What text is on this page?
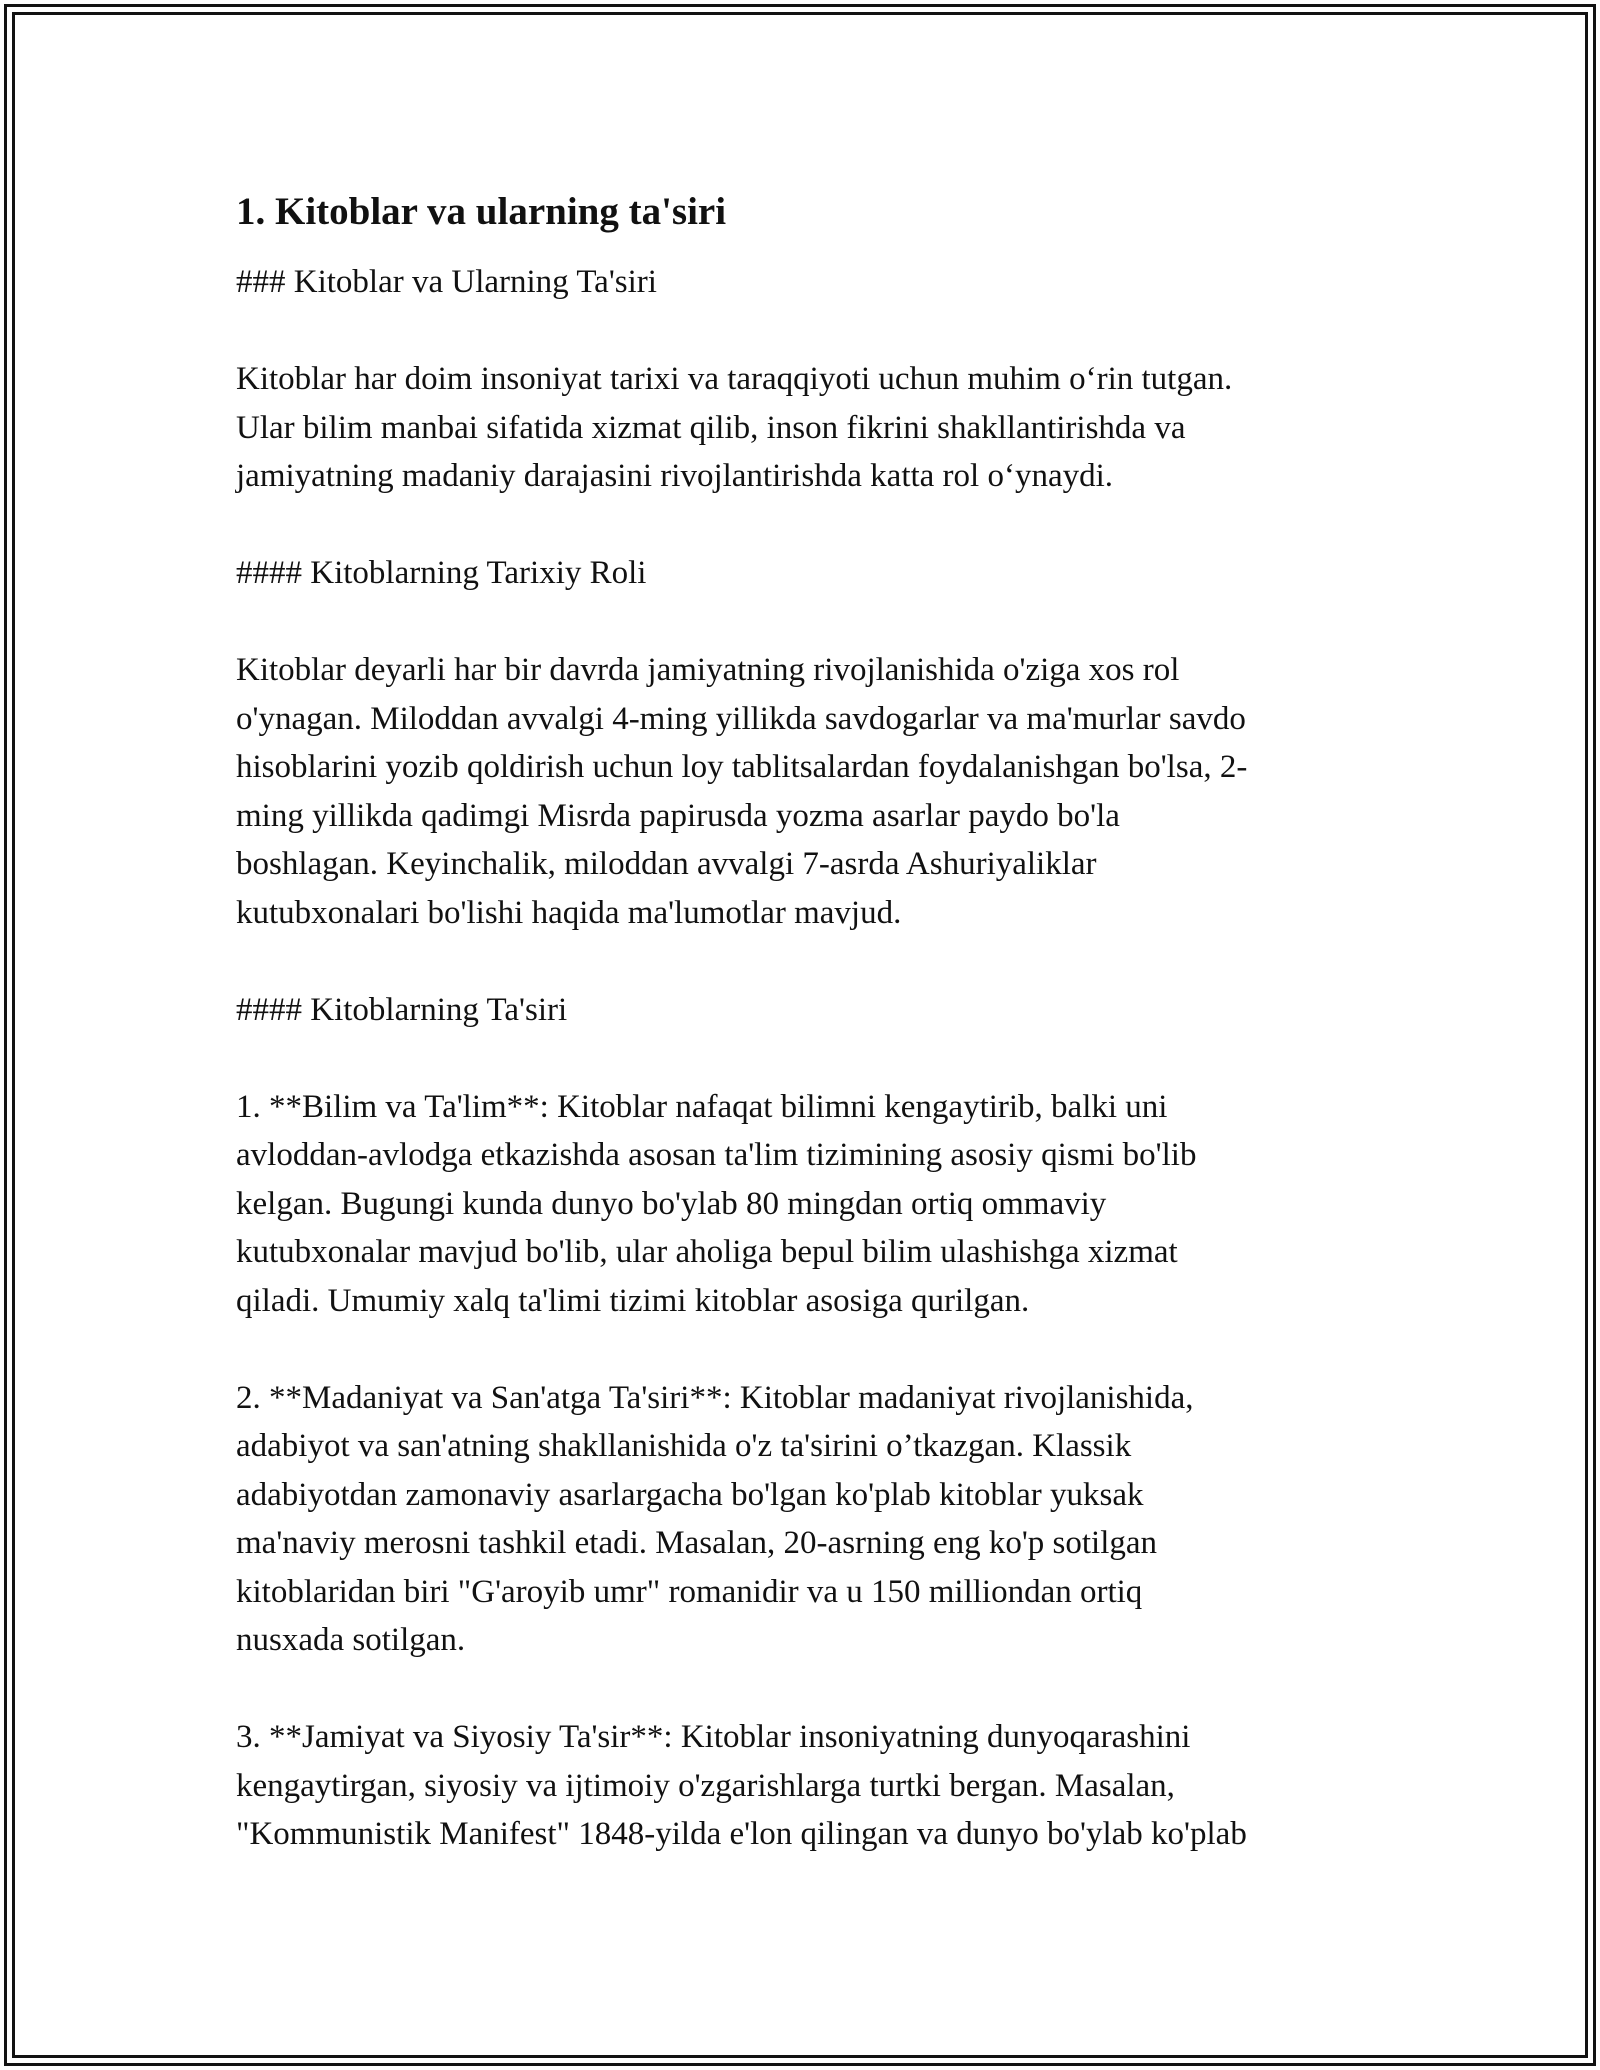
1. Kitoblar va ularning ta'siri
### Kitoblar va Ularning Ta'siri
Kitoblar har doim insoniyat tarixi va taraqqiyoti uchun muhim o‘rin tutgan.
Ular bilim manbai sifatida xizmat qilib, inson fikrini shakllantirishda va
jamiyatning madaniy darajasini rivojlantirishda katta rol o‘ynaydi.
#### Kitoblarning Tarixiy Roli
Kitoblar deyarli har bir davrda jamiyatning rivojlanishida o'ziga xos rol
o'ynagan. Miloddan avvalgi 4-ming yillikda savdogarlar va ma'murlar savdo
hisoblarini yozib qoldirish uchun loy tablitsalardan foydalanishgan bo'lsa, 2-
ming yillikda qadimgi Misrda papirusda yozma asarlar paydo bo'la
boshlagan. Keyinchalik, miloddan avvalgi 7-asrda Ashuriyaliklar
kutubxonalari bo'lishi haqida ma'lumotlar mavjud.
#### Kitoblarning Ta'siri
1. **Bilim va Ta'lim**: Kitoblar nafaqat bilimni kengaytirib, balki uni
avloddan-avlodga etkazishda asosan ta'lim tizimining asosiy qismi bo'lib
kelgan. Bugungi kunda dunyo bo'ylab 80 mingdan ortiq ommaviy
kutubxonalar mavjud bo'lib, ular aholiga bepul bilim ulashishga xizmat
qiladi. Umumiy xalq ta'limi tizimi kitoblar asosiga qurilgan.
2. **Madaniyat va San'atga Ta'siri**: Kitoblar madaniyat rivojlanishida,
adabiyot va san'atning shakllanishida o'z ta'sirini o’tkazgan. Klassik
adabiyotdan zamonaviy asarlargacha bo'lgan ko'plab kitoblar yuksak
ma'naviy merosni tashkil etadi. Masalan, 20-asrning eng ko'p sotilgan
kitoblaridan biri "G'aroyib umr" romanidir va u 150 milliondan ortiq
nusxada sotilgan.
3. **Jamiyat va Siyosiy Ta'sir**: Kitoblar insoniyatning dunyoqarashini
kengaytirgan, siyosiy va ijtimoiy o'zgarishlarga turtki bergan. Masalan,
"Kommunistik Manifest" 1848-yilda e'lon qilingan va dunyo bo'ylab ko'plab
